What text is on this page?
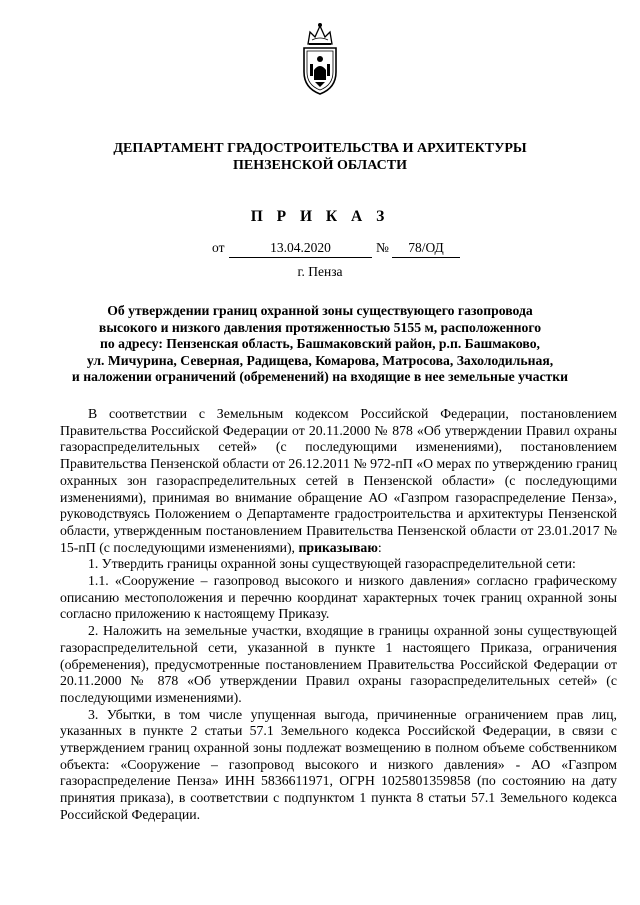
ДЕПАРТАМЕНТ ГРАДОСТРОИТЕЛЬСТВА И АРХИТЕКТУРЫ
ПЕНЗЕНСКОЙ ОБЛАСТИ
П Р И К А З
от	13.04.2020	№	78/ОД
г. Пенза
Об утверждении границ охранной зоны существующего газопровода
высокого и низкого давления протяженностью 5155 м, расположенного
по адресу: Пензенская область, Башмаковский район, р.п. Башмаково,
ул. Мичурина, Северная, Радищева, Комарова, Матросова, Захолодильная,
и наложении ограничений (обременений) на входящие в нее земельные участки

В соответствии с Земельным кодексом Российской Федерации, постановлением Правительства Российской Федерации от 20.11.2000 № 878 «Об утверждении Правил охраны газораспределительных сетей» (с последующими изменениями), постановлением Правительства Пензенской области от 26.12.2011 № 972-пП «О мерах по утверждению границ охранных зон газораспределительных сетей в Пензенской области» (с последующими изменениями), принимая во внимание обращение АО «Газпром газораспределение Пенза», руководствуясь Положением о Департаменте градостроительства и архитектуры Пензенской области, утвержденным постановлением Правительства Пензенской области от 23.01.2017 № 15-пП (с последующими изменениями), приказываю:

1. Утвердить границы охранной зоны существующей газораспределительной сети:

1.1. «Сооружение – газопровод высокого и низкого давления» согласно графическому описанию местоположения и перечню координат характерных точек границ охранной зоны согласно приложению к настоящему Приказу.

2. Наложить на земельные участки, входящие в границы охранной зоны существующей газораспределительной сети, указанной в пункте 1 настоящего Приказа, ограничения (обременения), предусмотренные постановлением Правительства Российской Федерации от 20.11.2000 № 878 «Об утверждении Правил охраны газораспределительных сетей» (с последующими изменениями).

3. Убытки, в том числе упущенная выгода, причиненные ограничением прав лиц, указанных в пункте 2 статьи 57.1 Земельного кодекса Российской Федерации, в связи с утверждением границ охранной зоны подлежат возмещению в полном объеме собственником объекта: «Сооружение – газопровод высокого и низкого давления» - АО «Газпром газораспределение Пенза» ИНН 5836611971, ОГРН 1025801359858 (по состоянию на дату принятия приказа), в соответствии с подпунктом 1 пункта 8 статьи 57.1 Земельного кодекса Российской Федерации.
